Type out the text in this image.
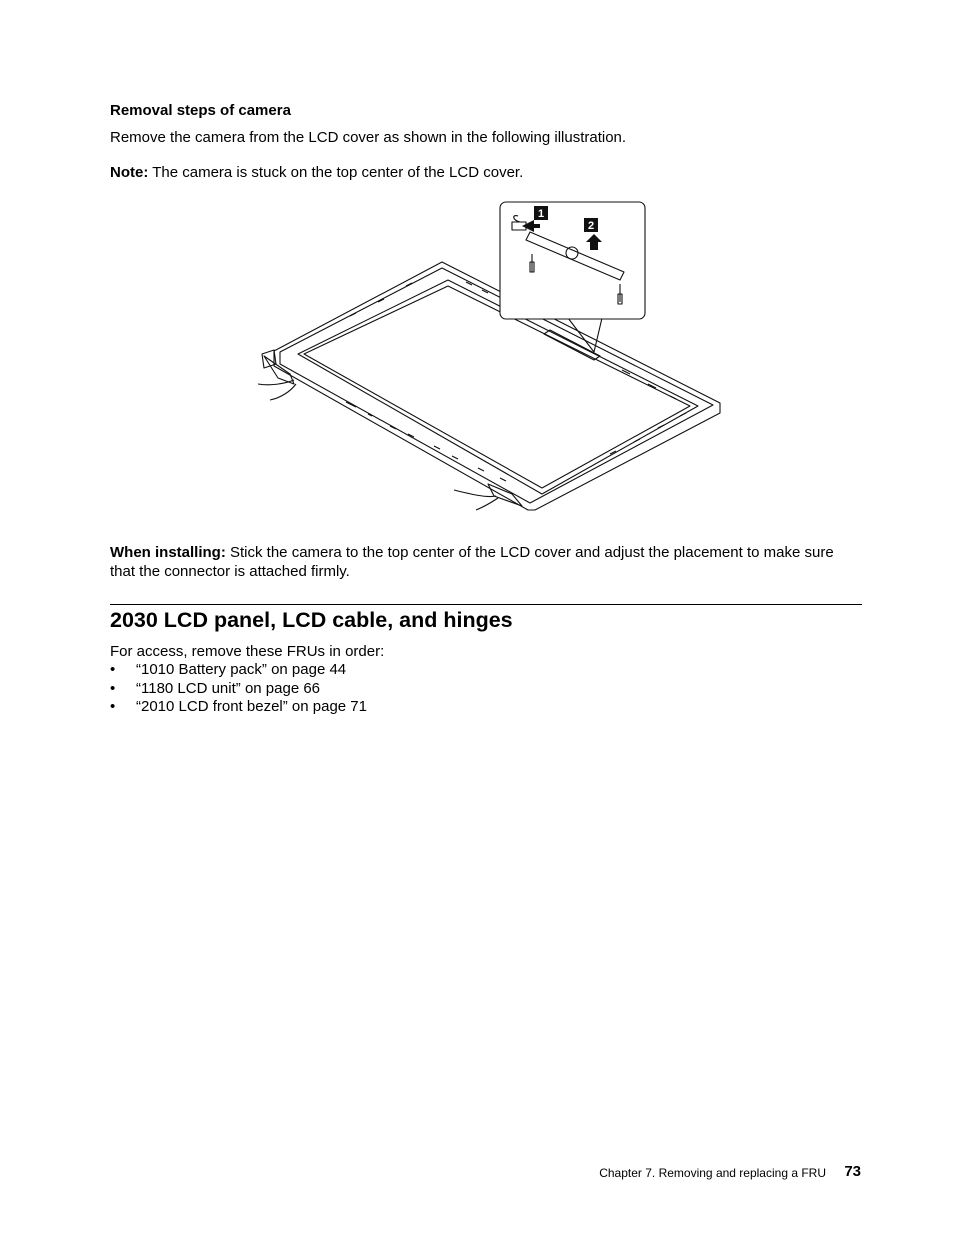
Removal steps of camera
Remove the camera from the LCD cover as shown in the following illustration.
Note: The camera is stuck on the top center of the LCD cover.
1
2
When installing: Stick the camera to the top center of the LCD cover and adjust the placement to make sure
that the connector is attached firmly.
2030 LCD panel, LCD cable, and hinges
For access, remove these FRUs in order:
• “1010 Battery pack” on page 44
• “1180 LCD unit” on page 66
• “2010 LCD front bezel” on page 71
Chapter 7. Removing and replacing a FRU 73
